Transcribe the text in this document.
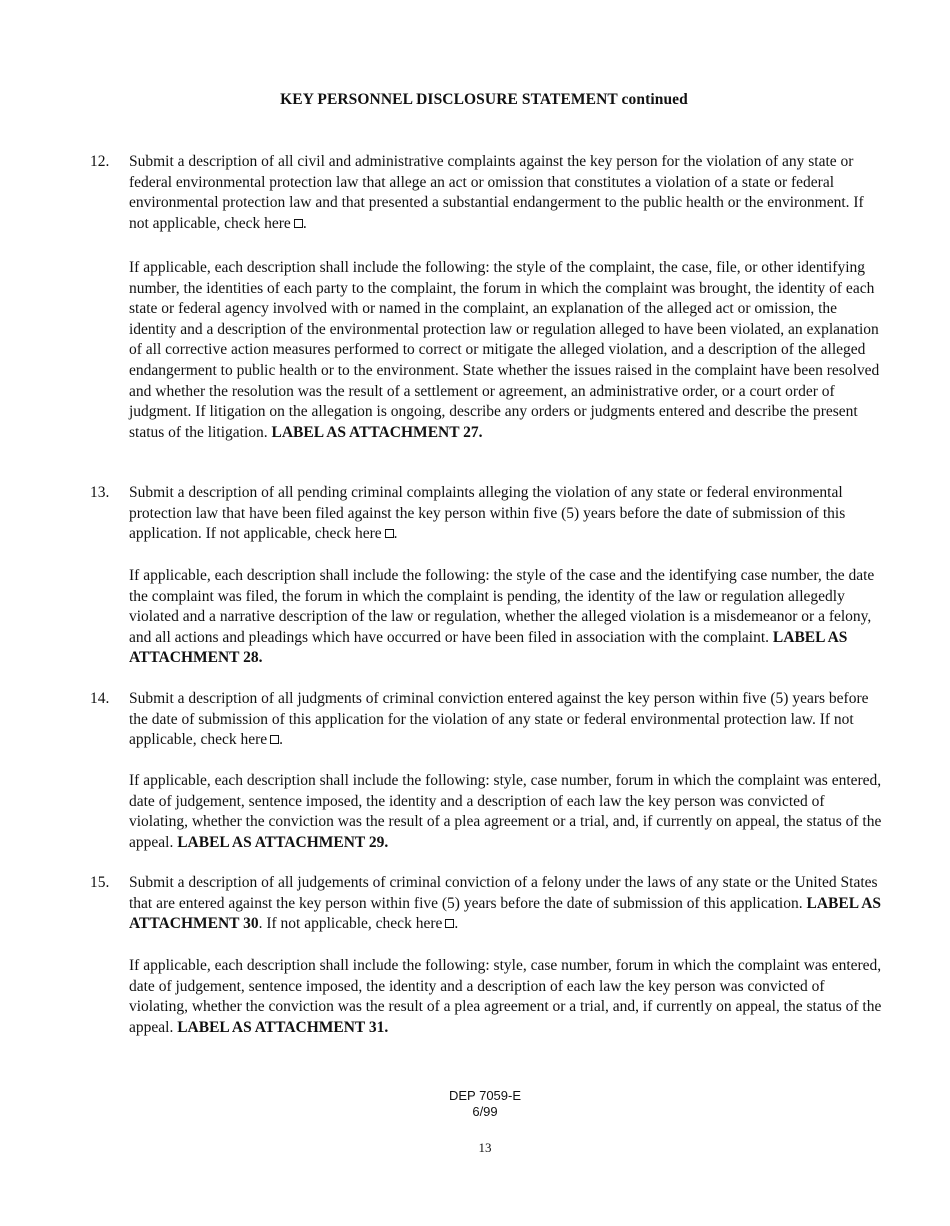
KEY PERSONNEL DISCLOSURE STATEMENT continued
12. Submit a description of all civil and administrative complaints against the key person for the violation of any state or federal environmental protection law that allege an act or omission that constitutes a violation of a state or federal environmental protection law and that presented a substantial endangerment to the public health or the environment. If not applicable, check here .
If applicable, each description shall include the following: the style of the complaint, the case, file, or other identifying number, the identities of each party to the complaint, the forum in which the complaint was brought, the identity of each state or federal agency involved with or named in the complaint, an explanation of the alleged act or omission, the identity and a description of the environmental protection law or regulation alleged to have been violated, an explanation of all corrective action measures performed to correct or mitigate the alleged violation, and a description of the alleged endangerment to public health or to the environment. State whether the issues raised in the complaint have been resolved and whether the resolution was the result of a settlement or agreement, an administrative order, or a court order of judgment. If litigation on the allegation is ongoing, describe any orders or judgments entered and describe the present status of the litigation. LABEL AS ATTACHMENT 27.
13. Submit a description of all pending criminal complaints alleging the violation of any state or federal environmental protection law that have been filed against the key person within five (5) years before the date of submission of this application. If not applicable, check here .
If applicable, each description shall include the following: the style of the case and the identifying case number, the date the complaint was filed, the forum in which the complaint is pending, the identity of the law or regulation allegedly violated and a narrative description of the law or regulation, whether the alleged violation is a misdemeanor or a felony, and all actions and pleadings which have occurred or have been filed in association with the complaint. LABEL AS ATTACHMENT 28.
14. Submit a description of all judgments of criminal conviction entered against the key person within five (5) years before the date of submission of this application for the violation of any state or federal environmental protection law. If not applicable, check here .
If applicable, each description shall include the following: style, case number, forum in which the complaint was entered, date of judgement, sentence imposed, the identity and a description of each law the key person was convicted of violating, whether the conviction was the result of a plea agreement or a trial, and, if currently on appeal, the status of the appeal. LABEL AS ATTACHMENT 29.
15. Submit a description of all judgements of criminal conviction of a felony under the laws of any state or the United States that are entered against the key person within five (5) years before the date of submission of this application. LABEL AS ATTACHMENT 30. If not applicable, check here .
If applicable, each description shall include the following: style, case number, forum in which the complaint was entered, date of judgement, sentence imposed, the identity and a description of each law the key person was convicted of violating, whether the conviction was the result of a plea agreement or a trial, and, if currently on appeal, the status of the appeal. LABEL AS ATTACHMENT 31.
DEP 7059-E
6/99
13
